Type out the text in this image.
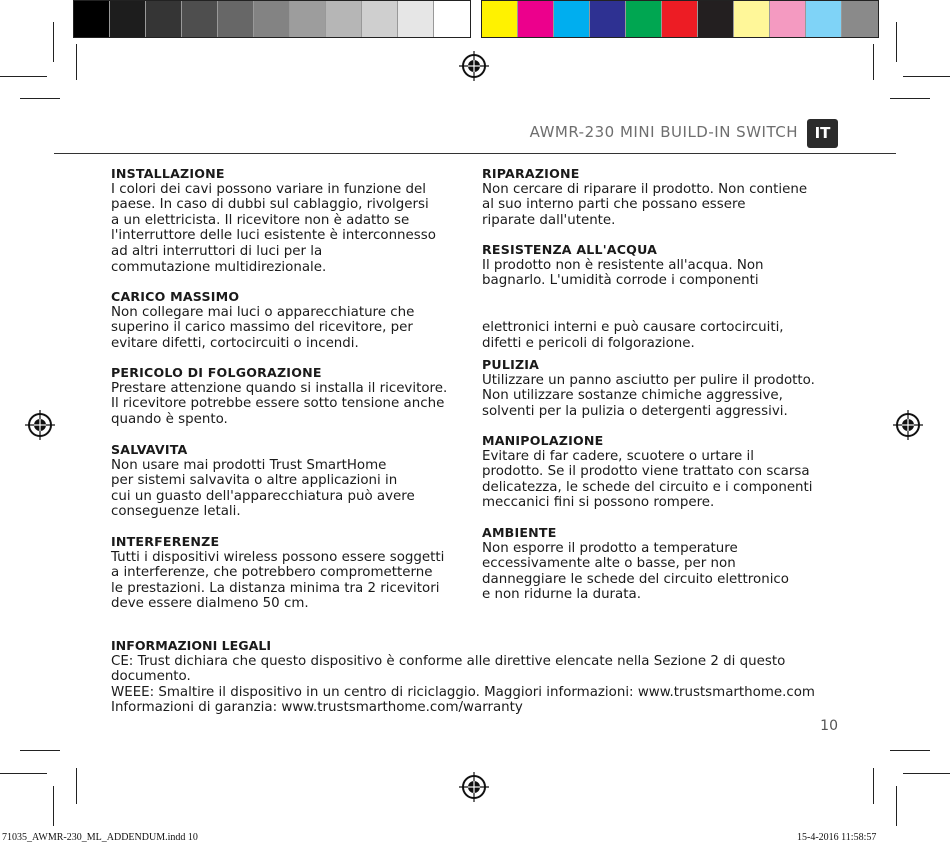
AWMR-230 MINI BUILD-IN SWITCH	IT
INSTALLAZIONE

I colori dei cavi possono variare in funzione del
paese. In caso di dubbi sul cablaggio, rivolgersi
a un elettricista. Il ricevitore non è adatto se
l'interruttore delle luci esistente è interconnesso
ad altri interruttori di luci per la
commutazione multidirezionale.

CARICO MASSIMO

Non collegare mai luci o apparecchiature che
superino il carico massimo del ricevitore, per
evitare difetti, cortocircuiti o incendi.

PERICOLO DI FOLGORAZIONE

Prestare attenzione quando si installa il ricevitore.
Il ricevitore potrebbe essere sotto tensione anche
quando è spento.

SALVAVITA

Non usare mai prodotti Trust SmartHome
per sistemi salvavita o altre applicazioni in
cui un guasto dell'apparecchiatura può avere
conseguenze letali.

INTERFERENZE

Tutti i dispositivi wireless possono essere soggetti
a interferenze, che potrebbero comprometterne
le prestazioni. La distanza minima tra 2 ricevitori
deve essere dialmeno 50 cm.

RIPARAZIONE

Non cercare di riparare il prodotto. Non contiene
al suo interno parti che possano essere
riparate dall'utente.

RESISTENZA ALL'ACQUA

Il prodotto non è resistente all'acqua. Non
bagnarlo. L'umidità corrode i componenti

elettronici interni e può causare cortocircuiti,
difetti e pericoli di folgorazione.

PULIZIA

Utilizzare un panno asciutto per pulire il prodotto.
Non utilizzare sostanze chimiche aggressive,
solventi per la pulizia o detergenti aggressivi.

MANIPOLAZIONE

Evitare di far cadere, scuotere o urtare il
prodotto. Se il prodotto viene trattato con scarsa
delicatezza, le schede del circuito e i componenti
meccanici fini si possono rompere.

AMBIENTE

Non esporre il prodotto a temperature
eccessivamente alte o basse, per non
danneggiare le schede del circuito elettronico
e non ridurne la durata.

INFORMAZIONI LEGALI

CE: Trust dichiara che questo dispositivo è conforme alle direttive elencate nella Sezione 2 di questo
documento.
WEEE: Smaltire il dispositivo in un centro di riciclaggio. Maggiori informazioni: www.trustsmarthome.com
Informazioni di garanzia: www.trustsmarthome.com/warranty

10
71035_AWMR-230_ML_ADDENDUM.indd 10	15-4-2016 11:58:57
